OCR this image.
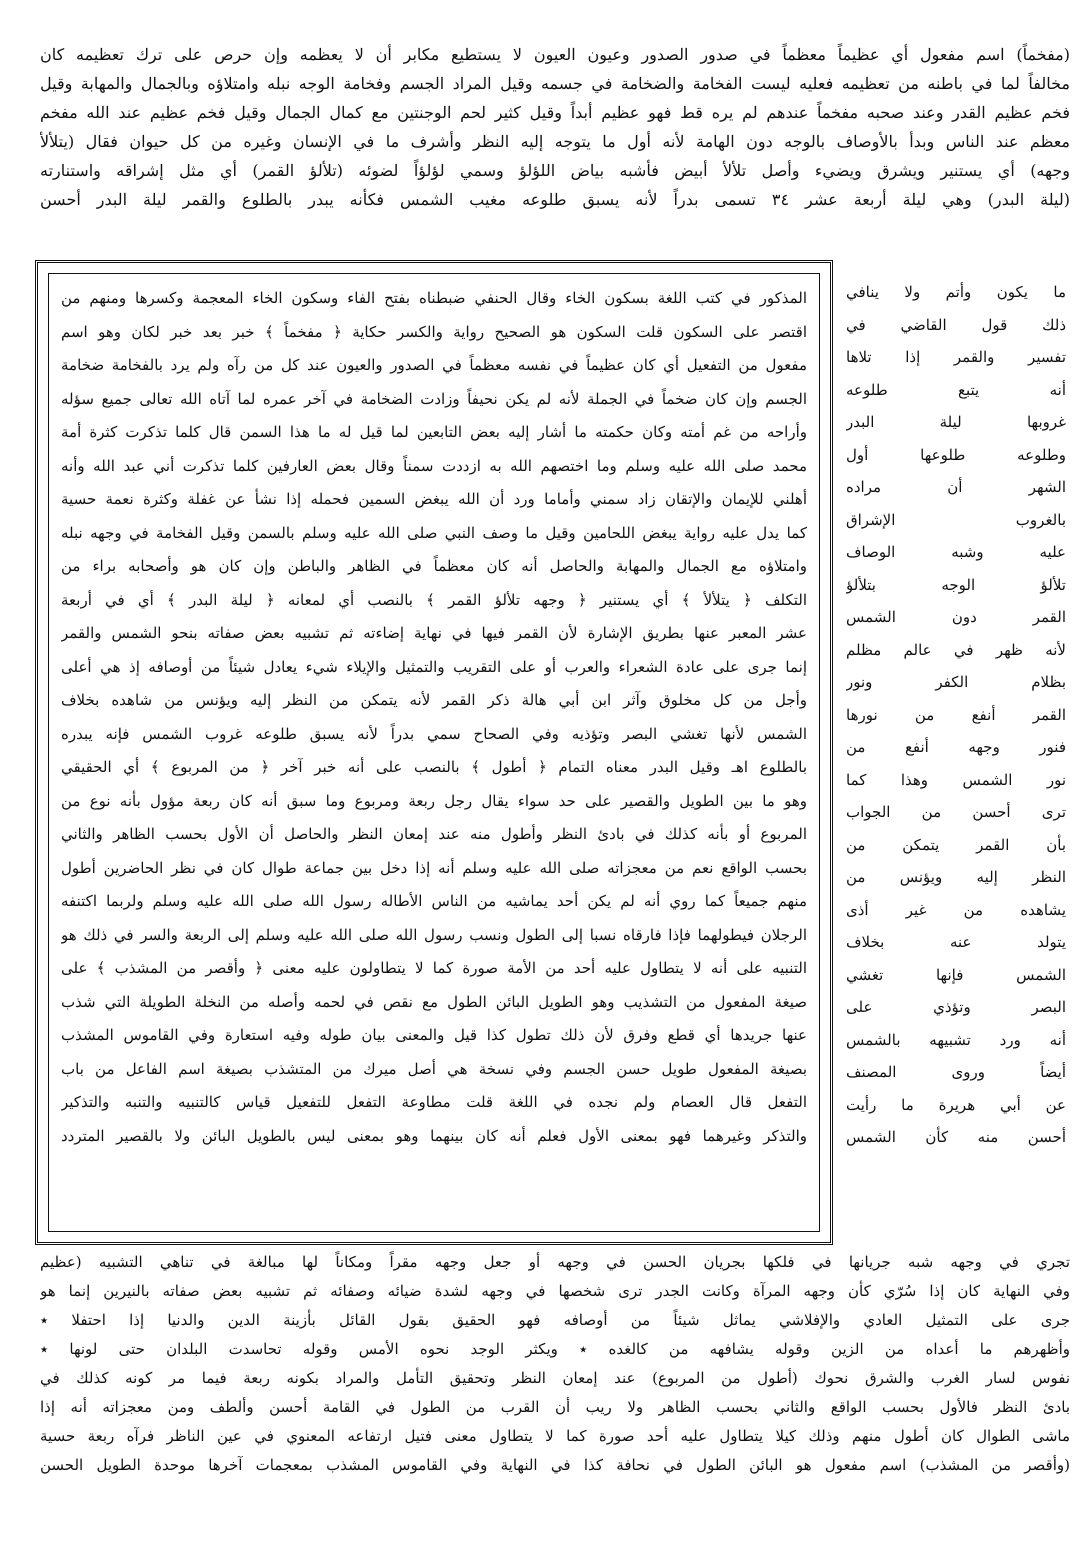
(مفخماً) اسم مفعول أي عظيماً معظماً في صدور الصدور وعيون العيون لا يستطيع مكابر أن لا يعظمه وإن حرص على ترك تعظيمه كان
مخالفاً لما في باطنه من تعظيمه فعليه ليست الفخامة والضخامة في جسمه وقيل المراد الجسم وفخامة الوجه نبله وامتلاؤه وبالجمال والمهابة وقيل
فخم عظيم القدر وعند صحبه مفخماً عندهم لم يره قط فهو عظيم أبداً وقيل كثير لحم الوجنتين مع كمال الجمال وقيل فخم عظيم عند الله مفخم
معظم عند الناس وبدأ بالأوصاف بالوجه دون الهامة لأنه أول ما يتوجه إليه النظر وأشرف ما في الإنسان وغيره من كل حيوان فقال (يتلألأ
وجهه) أي يستنير ويشرق ويضيء وأصل تلألأ أبيض فأشبه بياض اللؤلؤ وسمي لؤلؤاً لضوئه (تلألؤ القمر) أي مثل إشراقه واستنارته
(ليلة البدر) وهي ليلة أربعة عشر ٣٤ تسمى بدراً لأنه يسبق طلوعه مغيب الشمس فكأنه يبدر بالطلوع والقمر ليلة البدر أحسن
المذكور في كتب اللغة بسكون الخاء وقال الحنفي ضبطناه بفتح الفاء وسكون الخاء المعجمة وكسرها ومنهم من
اقتصر على السكون قلت السكون هو الصحيح رواية والكسر حكاية ﴿ مفخماً ﴾ خبر بعد خبر لكان وهو اسم
مفعول من التفعيل أي كان عظيماً في نفسه معظماً في الصدور والعيون عند كل من رآه ولم يرد بالفخامة ضخامة
الجسم وإن كان ضخماً في الجملة لأنه لم يكن نحيفاً وزادت الضخامة في آخر عمره لما آتاه الله تعالى جميع سؤله
وأراحه من غم أمته وكان حكمته ما أشار إليه بعض التابعين لما قيل له ما هذا السمن قال كلما تذكرت كثرة أمة
محمد صلى الله عليه وسلم وما اختصهم الله به ازددت سمناً وقال بعض العارفين كلما تذكرت أني عبد الله وأنه
أهلني للإيمان والإتقان زاد سمني وأماما ورد أن الله يبغض السمين فحمله إذا نشأ عن غفلة وكثرة نعمة حسية
كما يدل عليه رواية يبغض اللحامين وقيل ما وصف النبي صلى الله عليه وسلم بالسمن وقيل الفخامة في وجهه نبله
وامتلاؤه مع الجمال والمهابة والحاصل أنه كان معظماً في الظاهر والباطن وإن كان هو وأصحابه براء من
التكلف ﴿ يتلألأ ﴾ أي يستنير ﴿ وجهه تلألؤ القمر ﴾ بالنصب أي لمعانه ﴿ ليلة البدر ﴾ أي في أربعة
عشر المعبر عنها بطريق الإشارة لأن القمر فيها في نهاية إضاءته ثم تشبيه بعض صفاته بنحو الشمس والقمر
إنما جرى على عادة الشعراء والعرب أو على التقريب والتمثيل والإيلاء شيء يعادل شيئاً من أوصافه إذ هي أعلى
وأجل من كل مخلوق وآثر ابن أبي هالة ذكر القمر لأنه يتمكن من النظر إليه ويؤنس من شاهده بخلاف
الشمس لأنها تغشي البصر وتؤذيه وفي الصحاح سمي بدراً لأنه يسبق طلوعه غروب الشمس فإنه يبدره
بالطلوع اهـ وقيل البدر معناه التمام ﴿ أطول ﴾ بالنصب على أنه خبر آخر ﴿ من المربوع ﴾ أي الحقيقي
وهو ما بين الطويل والقصير على حد سواء يقال رجل ربعة ومربوع وما سبق أنه كان ربعة مؤول بأنه نوع من
المربوع أو بأنه كذلك في بادئ النظر وأطول منه عند إمعان النظر والحاصل أن الأول بحسب الظاهر والثاني
بحسب الواقع نعم من معجزاته صلى الله عليه وسلم أنه إذا دخل بين جماعة طوال كان في نظر الحاضرين أطول
منهم جميعاً كما روي أنه لم يكن أحد يماشيه من الناس الأطاله رسول الله صلى الله عليه وسلم ولربما اكتنفه
الرجلان فيطولهما فإذا فارقاه نسبا إلى الطول ونسب رسول الله صلى الله عليه وسلم إلى الربعة والسر في ذلك هو
التنبيه على أنه لا يتطاول عليه أحد من الأمة صورة كما لا يتطاولون عليه معنى ﴿ وأقصر من المشذب ﴾ على
صيغة المفعول من التشذيب وهو الطويل البائن الطول مع نقص في لحمه وأصله من النخلة الطويلة التي شذب
عنها جريدها أي قطع وفرق لأن ذلك تطول كذا قيل والمعنى بيان طوله وفيه استعارة وفي القاموس المشذب
بصيغة المفعول طويل حسن الجسم وفي نسخة هي أصل ميرك من المتشذب بصيغة اسم الفاعل من باب
التفعل قال العصام ولم نجده في اللغة قلت مطاوعة التفعل للتفعيل قياس كالتنبيه والتنبه والتذكير
والتذكر وغيرهما فهو بمعنى الأول فعلم أنه كان بينهما وهو بمعنى ليس بالطويل البائن ولا بالقصير المتردد
ما يكون وأتم ولا ينافي
ذلك قول القاضي في
تفسير والقمر إذا تلاها
أنه يتبع طلوعه
غروبها ليلة البدر
وطلوعه طلوعها أول
الشهر أن مراده
بالغروب الإشراق
عليه وشبه الوصاف
تلألؤ الوجه بتلألؤ
القمر دون الشمس
لأنه ظهر في عالم مظلم
بظلام الكفر ونور
القمر أنفع من نورها
فنور وجهه أنفع من
نور الشمس وهذا كما
ترى أحسن من الجواب
بأن القمر يتمكن من
النظر إليه ويؤنس من
يشاهده من غير أذى
يتولد عنه بخلاف
الشمس فإنها تغشي
البصر وتؤذي على
أنه ورد تشبيهه بالشمس
أيضاً وروى المصنف
عن أبي هريرة ما رأيت
أحسن منه كأن الشمس
تجري في وجهه شبه جريانها في فلكها بجريان الحسن في وجهه أو جعل وجهه مقراً ومكاناً لها مبالغة في تناهي التشبيه (عظيم
وفي النهاية كان إذا سُرّي كأن وجهه المرآة وكانت الجدر ترى شخصها في وجهه لشدة ضيائه وصفائه ثم تشبيه بعض صفاته بالنيرين إنما هو
جرى على التمثيل العادي والإفلاشي يماثل شيئاً من أوصافه فهو الحقيق بقول القائل بأزينة الدين والدنيا إذا احتفلا ٭
وأظهرهم ما أعداه من الزين وقوله يشافهه من كالغده ٭ ويكثر الوجد نحوه الأمس وقوله تحاسدت البلدان حتى لونها ٭
نفوس لسار الغرب والشرق نحوك (أطول من المربوع) عند إمعان النظر وتحقيق التأمل والمراد بكونه ربعة فيما مر كونه كذلك في
بادئ النظر فالأول بحسب الواقع والثاني بحسب الظاهر ولا ريب أن القرب من الطول في القامة أحسن وألطف ومن معجزاته أنه إذا
ماشى الطوال كان أطول منهم وذلك كيلا يتطاول عليه أحد صورة كما لا يتطاول معنى فتيل ارتفاعه المعنوي في عين الناظر فرآه ربعة حسية
(وأقصر من المشذب) اسم مفعول هو البائن الطول في نحافة كذا في النهاية وفي القاموس المشذب بمعجمات آخرها موحدة الطويل الحسن
